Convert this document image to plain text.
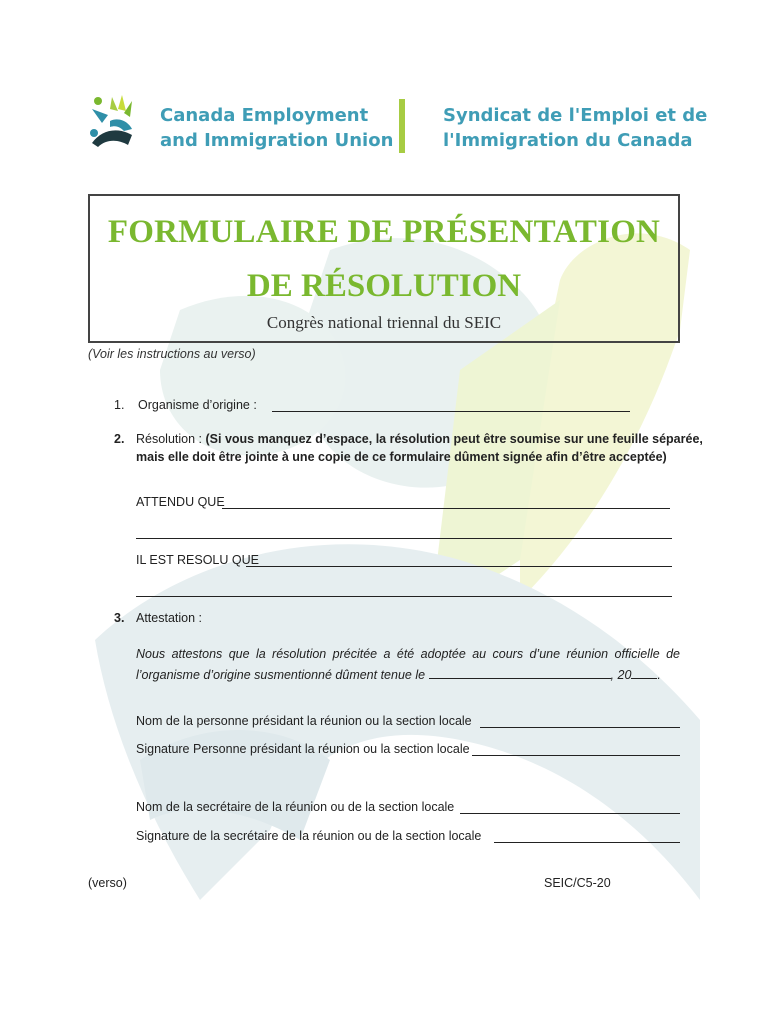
Canada Employment
and Immigration Union
Syndicat de l'Emploi et de
l'Immigration du Canada
FORMULAIRE DE PRÉSENTATION
DE RÉSOLUTION
Congrès national triennal du SEIC
(Voir les instructions au verso)
1. Organisme d’origine :
2. Résolution : (Si vous manquez d’espace, la résolution peut être soumise sur une feuille séparée,
mais elle doit être jointe à une copie de ce formulaire dûment signée afin d’être acceptée)
ATTENDU QUE
IL EST RESOLU QUE
3. Attestation :
Nous attestons que la résolution précitée a été adoptée au cours d’une réunion officielle de
l’organisme d’origine susmentionné dûment tenue le	, 20 .
Nom de la personne présidant la réunion ou la section locale
Signature Personne présidant la réunion ou la section locale
Nom de la secrétaire de la réunion ou de la section locale
Signature de la secrétaire de la réunion ou de la section locale
(verso)	SEIC/C5-20
